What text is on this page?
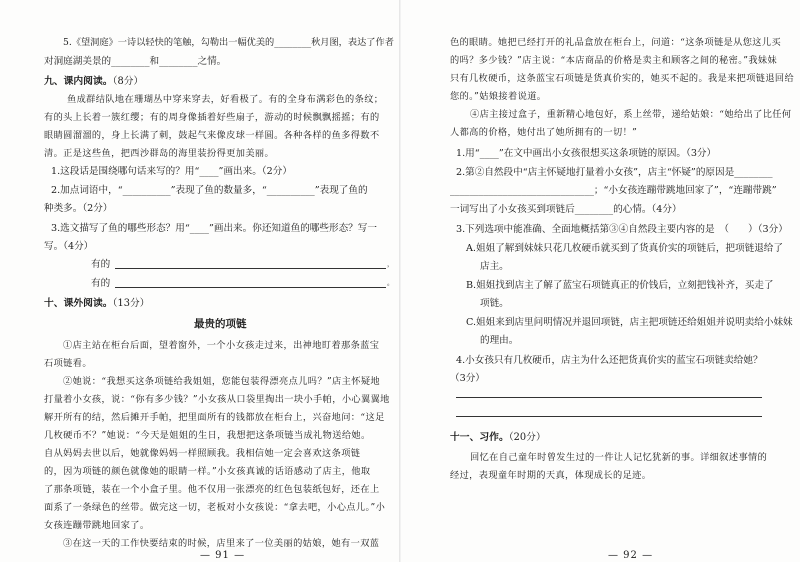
5.《望洞庭》一诗以轻快的笔触，勾勒出一幅优美的________秋月图，表达了作者
对洞庭湖美景的________和________之情。
九、课内阅读。（8分）
鱼成群结队地在珊瑚丛中穿来穿去，好看极了。有的全身布满彩色的条纹；
有的头上长着一簇红缨；有的周身像插着好些扇子，游动的时候飘飘摇摇；有的
眼睛圆溜溜的，身上长满了刺，鼓起气来像皮球一样圆。各种各样的鱼多得数不
清。正是这些鱼，把西沙群岛的海里装扮得更加美丽。
1.这段话是围绕哪句话来写的？用“____”画出来。（2分）
2.加点词语中，“__________”表现了鱼的数量多，“__________”表现了鱼的
种类多。（2分）
3.选文描写了鱼的哪些形态？用“____”画出来。你还知道鱼的哪些形态？写一
写。（4分）
有的	，
有的	。
十、课外阅读。（13分）
最贵的项链
①店主站在柜台后面，望着窗外，一个小女孩走过来，出神地盯着那条蓝宝
石项链看。
②她说：“我想买这条项链给我姐姐，您能包装得漂亮点儿吗？”店主怀疑地
打量着小女孩，说：“你有多少钱？”小女孩从口袋里掏出一块小手帕，小心翼翼地
解开所有的结，然后摊开手帕，把里面所有的钱都放在柜台上，兴奋地问：“这足
几枚硬币不？”她说：“今天是姐姐的生日，我想把这条项链当成礼物送给她。
自从妈妈去世以后，她就像妈妈一样照顾我。我相信她一定会喜欢这条项链
的，因为项链的颜色就像她的眼睛一样。”小女孩真诚的话语感动了店主，他取
了那条项链，装在一个小盒子里。他不仅用一张漂亮的红色包装纸包好，还在上
面系了一条绿色的丝带。做完这一切，老板对小女孩说：“拿去吧，小心点儿。”小
女孩连蹦带跳地回家了。
③在这一天的工作快要结束的时候，店里来了一位美丽的姑娘，她有一双蓝
— 91 —
色的眼睛。她把已经打开的礼品盒放在柜台上，问道：“这条项链是从您这儿买
的吗？多少钱？”店主说：“本店商品的价格是卖主和顾客之间的秘密。”我妹妹
只有几枚硬币，这条蓝宝石项链是货真价实的，她买不起的。我是来把项链退回给
您的。”姑娘接着说道。
④店主接过盒子，重新精心地包好，系上丝带，递给姑娘：“她给出了比任何
人都高的价格，她付出了她所拥有的一切！”
1.用“____”在文中画出小女孩很想买这条项链的原因。（3分）
2.第②自然段中“店主怀疑地打量着小女孩”，店主“怀疑”的原因是________
______________________________；“小女孩连蹦带跳地回家了”，“连蹦带跳”
一词写出了小女孩买到项链后________的心情。（4分）
3.下列选项中能准确、全面地概括第③④自然段主要内容的是　（　　）（3分）
A.姐姐了解到妹妹只花几枚硬币就买到了货真价实的项链后，把项链退给了
店主。
B.姐姐找到店主了解了蓝宝石项链真正的价钱后，立刻把钱补齐，买走了
项链。
C.姐姐来到店里问明情况并退回项链，店主把项链还给姐姐并说明卖给小妹妹
的理由。
4.小女孩只有几枚硬币，店主为什么还把货真价实的蓝宝石项链卖给她？
（3分）
十一、习作。（20分）
回忆在自己童年时曾发生过的一件让人记忆犹新的事。详细叙述事情的
经过，表现童年时期的天真，体现成长的足迹。
— 92 —
